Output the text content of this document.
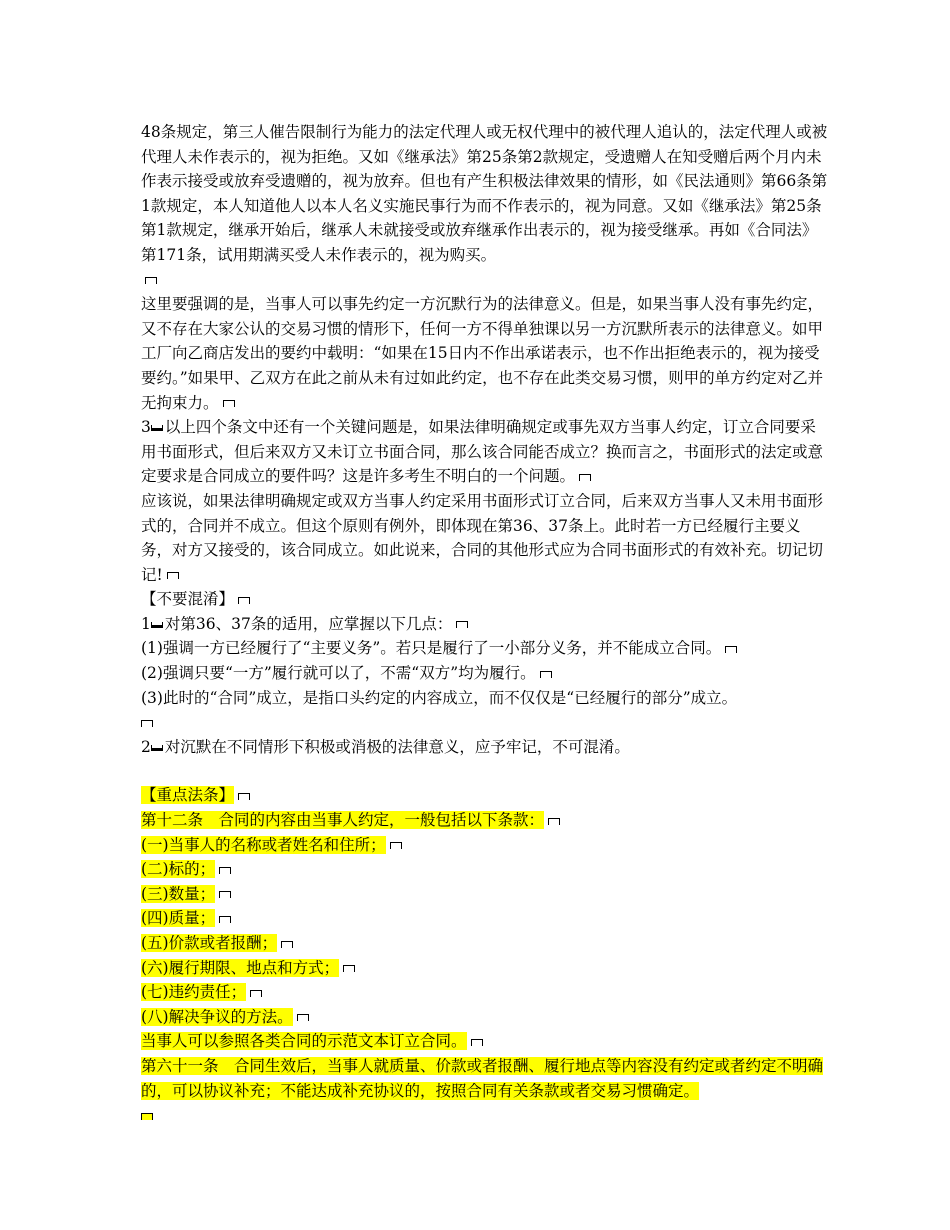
48条规定，第三人催告限制行为能力的法定代理人或无权代理中的被代理人追认的，法定代理人或被代理人未作表示的，视为拒绝。又如《继承法》第25条第2款规定，受遗赠人在知受赠后两个月内未作表示接受或放弃受遗赠的，视为放弃。但也有产生积极法律效果的情形，如《民法通则》第66条第1款规定，本人知道他人以本人名义实施民事行为而不作表示的，视为同意。又如《继承法》第25条第1款规定，继承开始后，继承人未就接受或放弃继承作出表示的，视为接受继承。再如《合同法》第171条，试用期满买受人未作表示的，视为购买。

这里要强调的是，当事人可以事先约定一方沉默行为的法律意义。但是，如果当事人没有事先约定，又不存在大家公认的交易习惯的情形下，任何一方不得单独课以另一方沉默所表示的法律意义。如甲工厂向乙商店发出的要约中载明：“如果在15日内不作出承诺表示，也不作出拒绝表示的，视为接受要约。”如果甲、乙双方在此之前从未有过如此约定，也不存在此类交易习惯，则甲的单方约定对乙并无拘束力。

3 以上四个条文中还有一个关键问题是，如果法律明确规定或事先双方当事人约定，订立合同要采用书面形式，但后来双方又未订立书面合同，那么该合同能否成立？换而言之，书面形式的法定或意定要求是合同成立的要件吗？这是许多考生不明白的一个问题。

应该说，如果法律明确规定或双方当事人约定采用书面形式订立合同，后来双方当事人又未用书面形式的，合同并不成立。但这个原则有例外，即体现在第36、37条上。此时若一方已经履行主要义务，对方又接受的，该合同成立。如此说来，合同的其他形式应为合同书面形式的有效补充。切记切记!

【不要混淆】

1 对第36、37条的适用，应掌握以下几点：

(1)强调一方已经履行了“主要义务”。若只是履行了一小部分义务，并不能成立合同。

(2)强调只要“一方”履行就可以了，不需“双方”均为履行。

(3)此时的“合同”成立，是指口头约定的内容成立，而不仅仅是“已经履行的部分”成立。

2 对沉默在不同情形下积极或消极的法律意义，应予牢记，不可混淆。

【重点法条】

第十二条　合同的内容由当事人约定，一般包括以下条款：

(一)当事人的名称或者姓名和住所；

(二)标的；

(三)数量；

(四)质量；

(五)价款或者报酬；

(六)履行期限、地点和方式；

(七)违约责任；

(八)解决争议的方法。

当事人可以参照各类合同的示范文本订立合同。

第六十一条　合同生效后，当事人就质量、价款或者报酬、履行地点等内容没有约定或者约定不明确的，可以协议补充；不能达成补充协议的，按照合同有关条款或者交易习惯确定。
